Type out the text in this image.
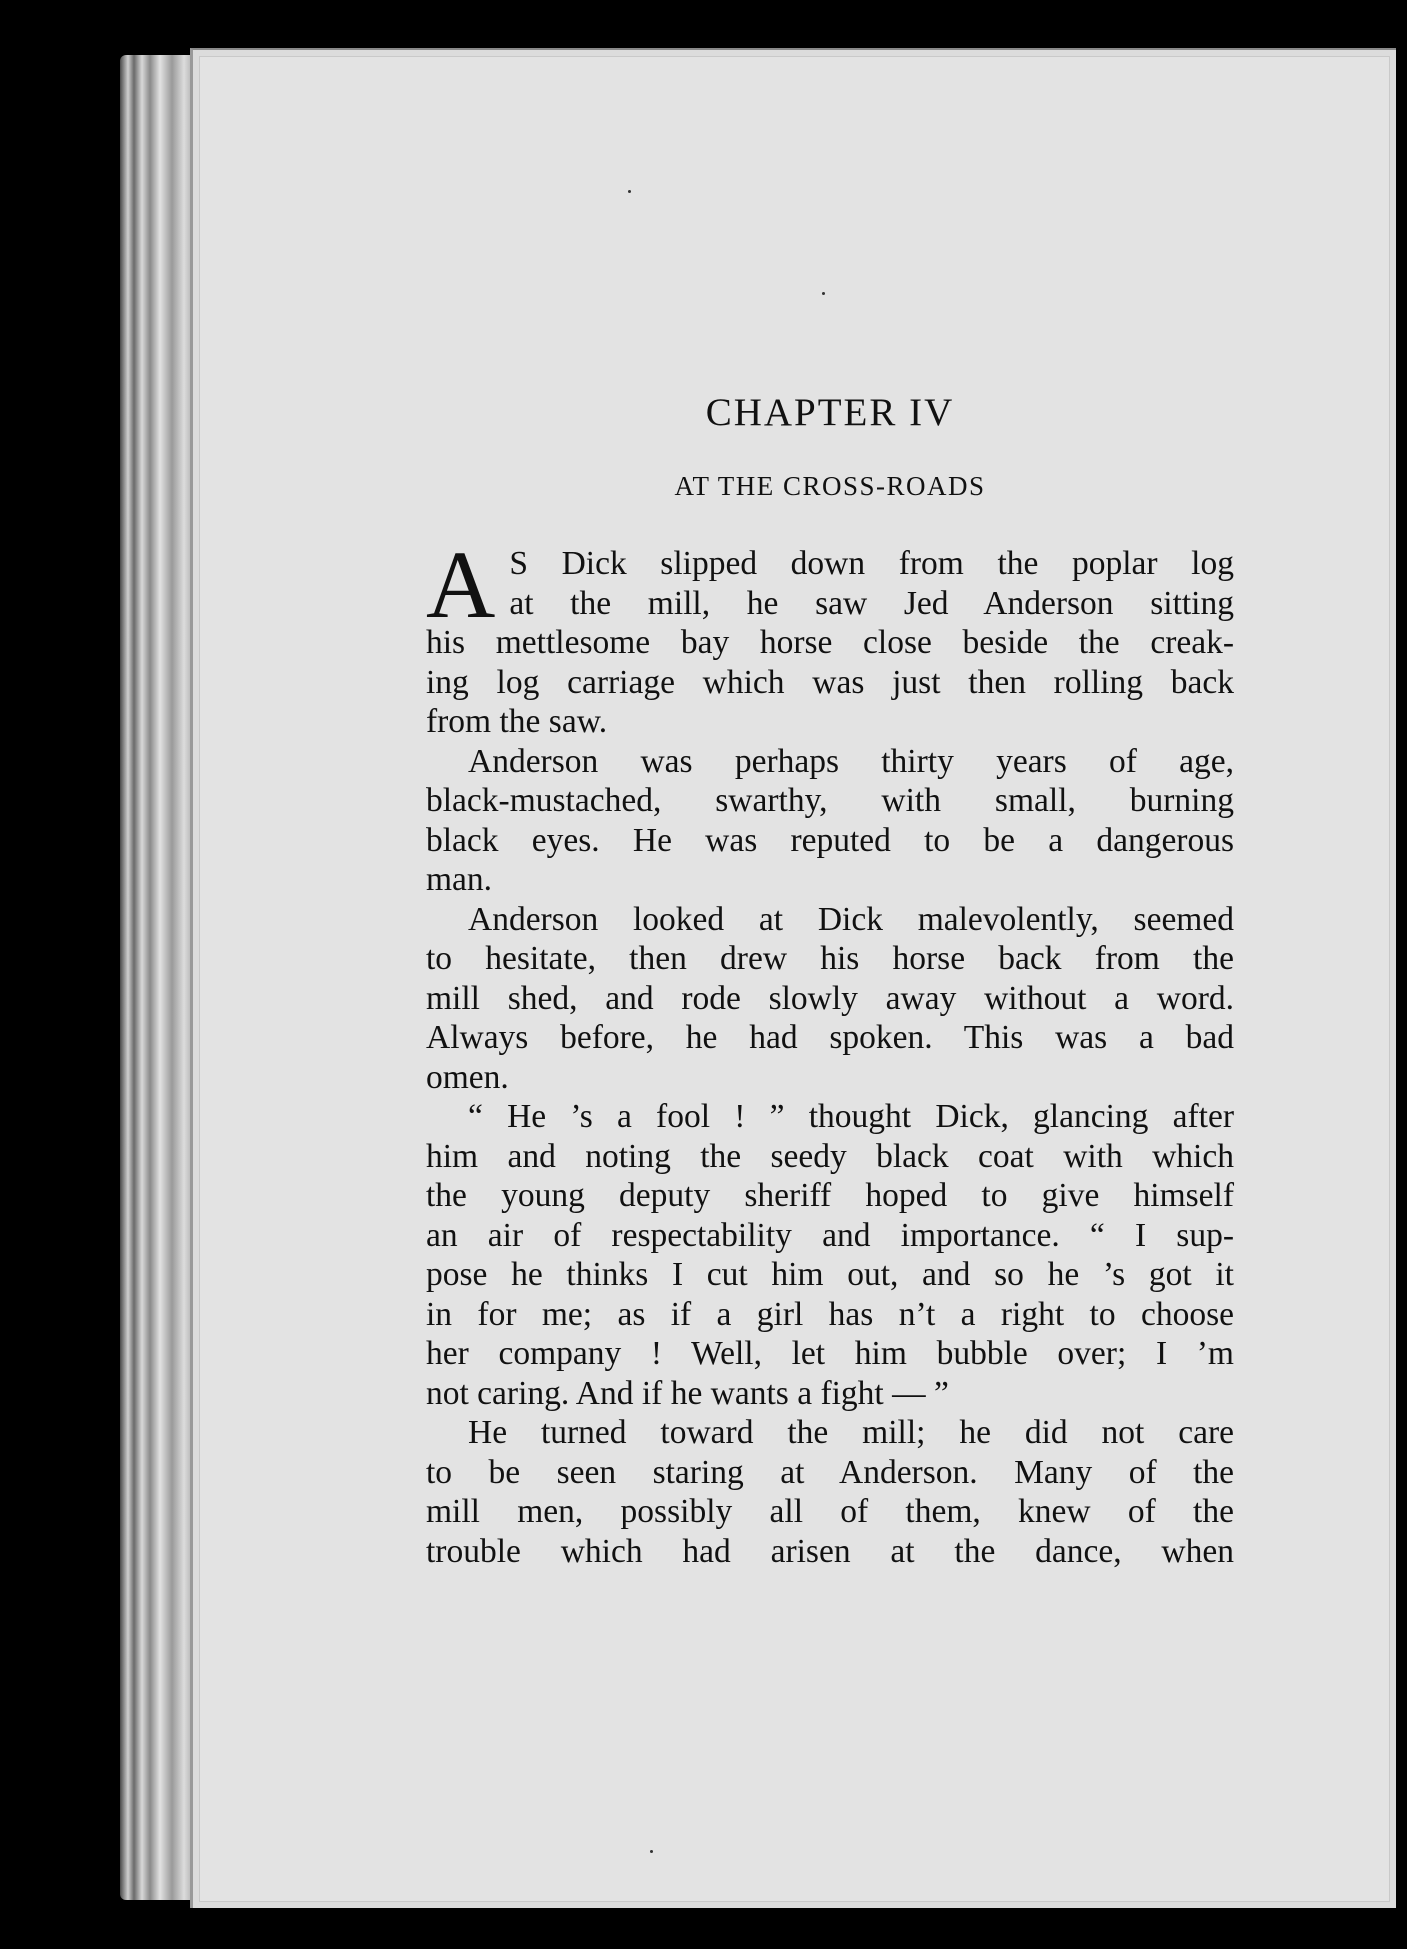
CHAPTER IV
AT THE CROSS-ROADS

A S Dick slipped down from the poplar log
at the mill, he saw Jed Anderson sitting
his mettlesome bay horse close beside the creak-
ing log carriage which was just then rolling back
from the saw.

Anderson was perhaps thirty years of age,
black-mustached, swarthy, with small, burning
black eyes. He was reputed to be a dangerous
man.

Anderson looked at Dick malevolently, seemed
to hesitate, then drew his horse back from the
mill shed, and rode slowly away without a word.
Always before, he had spoken. This was a bad
omen.

“ He ’s a fool ! ” thought Dick, glancing after
him and noting the seedy black coat with which
the young deputy sheriff hoped to give himself
an air of respectability and importance. “ I sup-
pose he thinks I cut him out, and so he ’s got it
in for me; as if a girl has n’t a right to choose
her company ! Well, let him bubble over; I ’m
not caring. And if he wants a fight — ”

He turned toward the mill; he did not care
to be seen staring at Anderson. Many of the
mill men, possibly all of them, knew of the
trouble which had arisen at the dance, when
